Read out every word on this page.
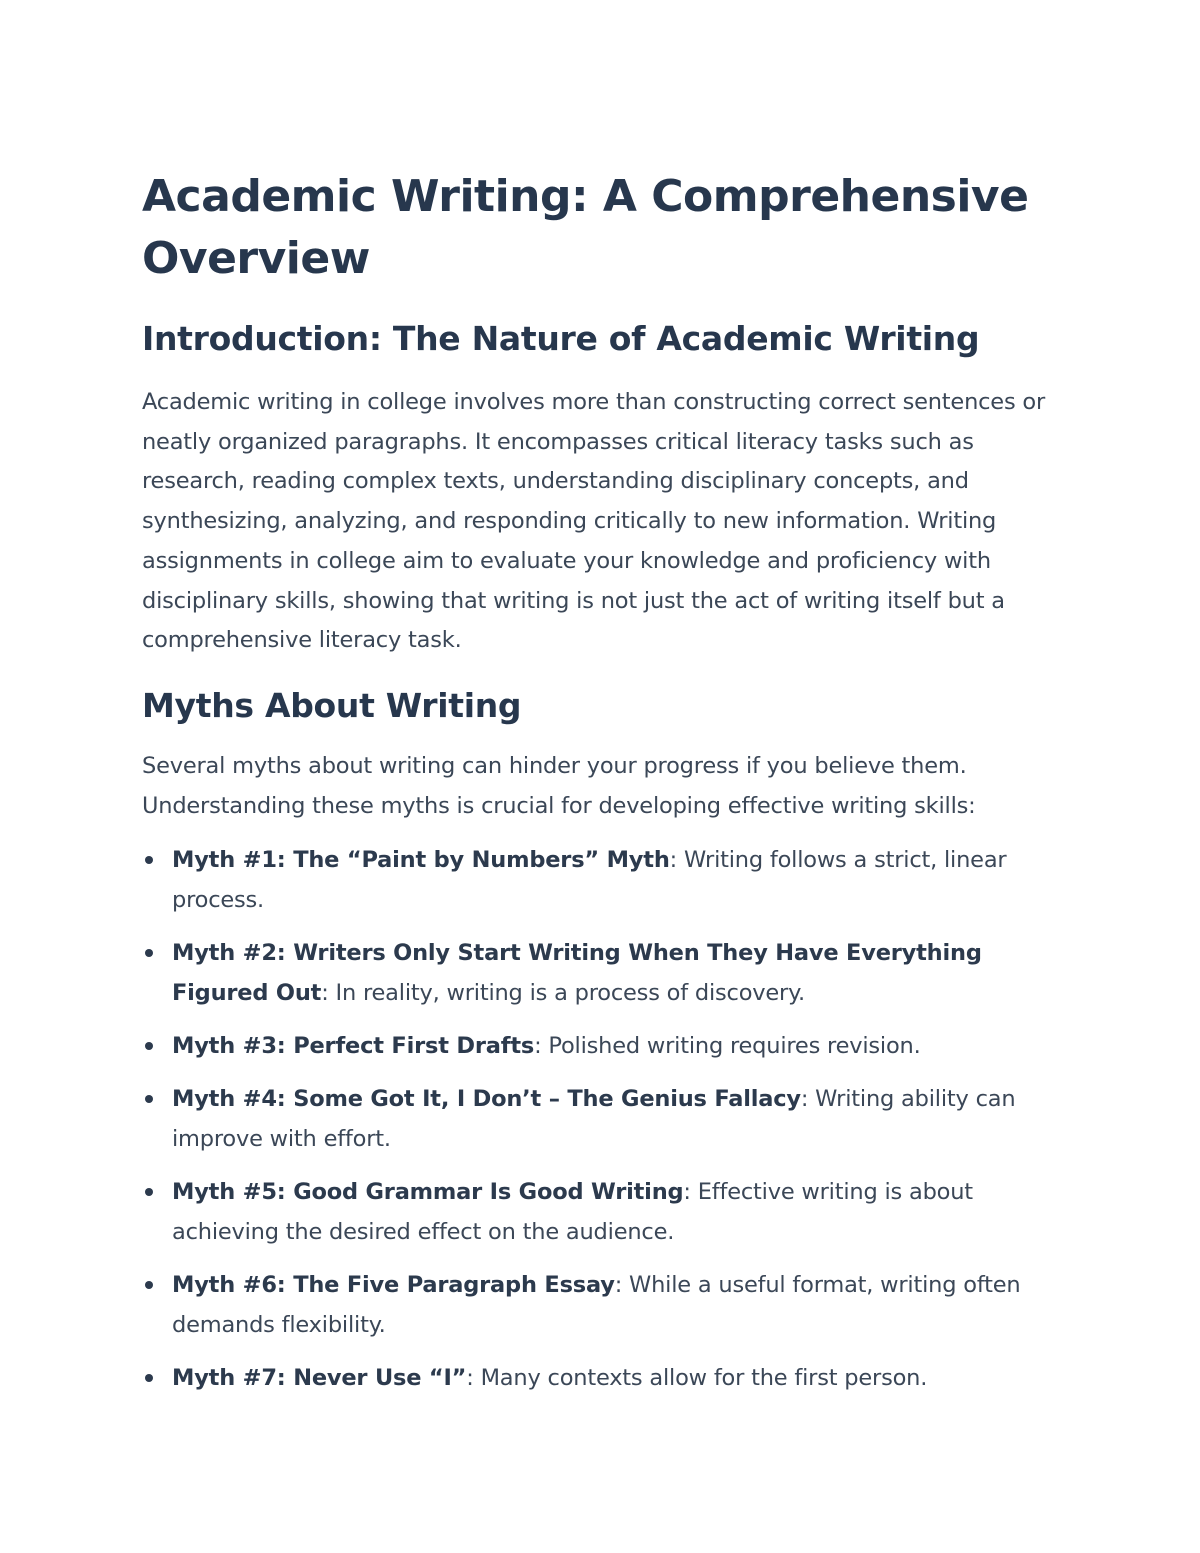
Academic Writing: A Comprehensive Overview
Introduction: The Nature of Academic Writing

Academic writing in college involves more than constructing correct sentences or neatly organized paragraphs. It encompasses critical literacy tasks such as research, reading complex texts, understanding disciplinary concepts, and synthesizing, analyzing, and responding critically to new information. Writing assignments in college aim to evaluate your knowledge and proficiency with disciplinary skills, showing that writing is not just the act of writing itself but a comprehensive literacy task.

Myths About Writing

Several myths about writing can hinder your progress if you believe them. Understanding these myths is crucial for developing effective writing skills:

Myth #1: The “Paint by Numbers” Myth: Writing follows a strict, linear process.
Myth #2: Writers Only Start Writing When They Have Everything Figured Out: In reality, writing is a process of discovery.
Myth #3: Perfect First Drafts: Polished writing requires revision.
Myth #4: Some Got It, I Don’t – The Genius Fallacy: Writing ability can improve with effort.
Myth #5: Good Grammar Is Good Writing: Effective writing is about achieving the desired effect on the audience.
Myth #6: The Five Paragraph Essay: While a useful format, writing often demands flexibility.
Myth #7: Never Use “I”: Many contexts allow for the first person.
